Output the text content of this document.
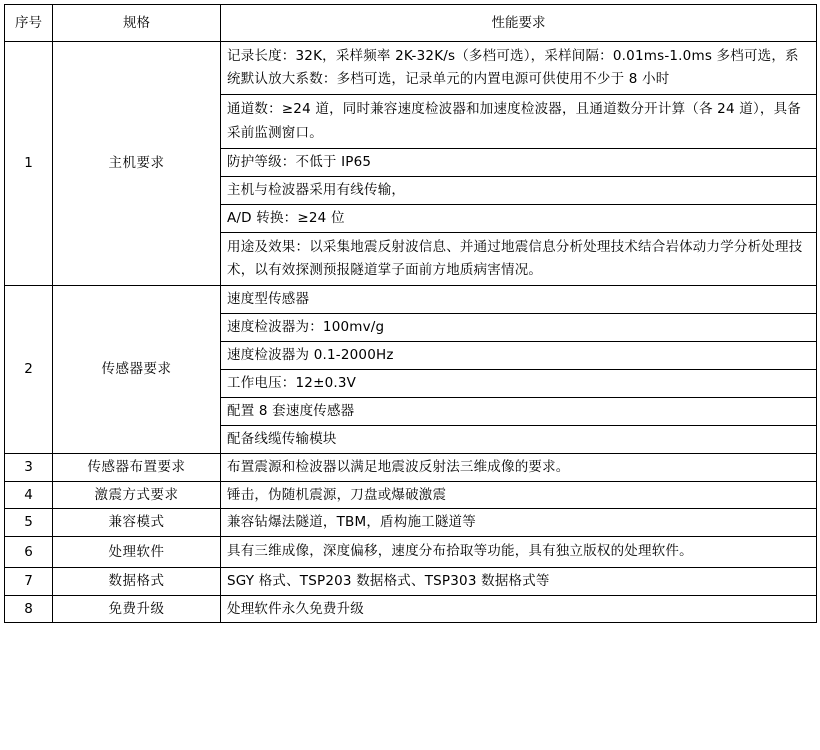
序号	规格	性能要求
1	主机要求	记录长度：32K，采样频率 2K-32K/s（多档可选），采样间隔：0.01ms-1.0ms 多档可选，系统默认放大系数：多档可选，记录单元的内置电源可供使用不少于 8 小时
		通道数：≥24 道，同时兼容速度检波器和加速度检波器，且通道数分开计算（各 24 道），具备采前监测窗口。
		防护等级：不低于 IP65
		主机与检波器采用有线传输，
		A/D 转换：≥24 位
		用途及效果：以采集地震反射波信息、并通过地震信息分析处理技术结合岩体动力学分析处理技术，以有效探测预报隧道掌子面前方地质病害情况。
2	传感器要求	速度型传感器
		速度检波器为：100mv/g
		速度检波器为 0.1-2000Hz
		工作电压：12±0.3V
		配置 8 套速度传感器
		配备线缆传输模块
3	传感器布置要求	布置震源和检波器以满足地震波反射法三维成像的要求。
4	激震方式要求	锤击，伪随机震源，刀盘或爆破激震
5	兼容模式	兼容钻爆法隧道，TBM，盾构施工隧道等
6	处理软件	具有三维成像，深度偏移，速度分布拾取等功能，具有独立版权的处理软件。
7	数据格式	SGY 格式、TSP203 数据格式、TSP303 数据格式等
8	免费升级	处理软件永久免费升级
